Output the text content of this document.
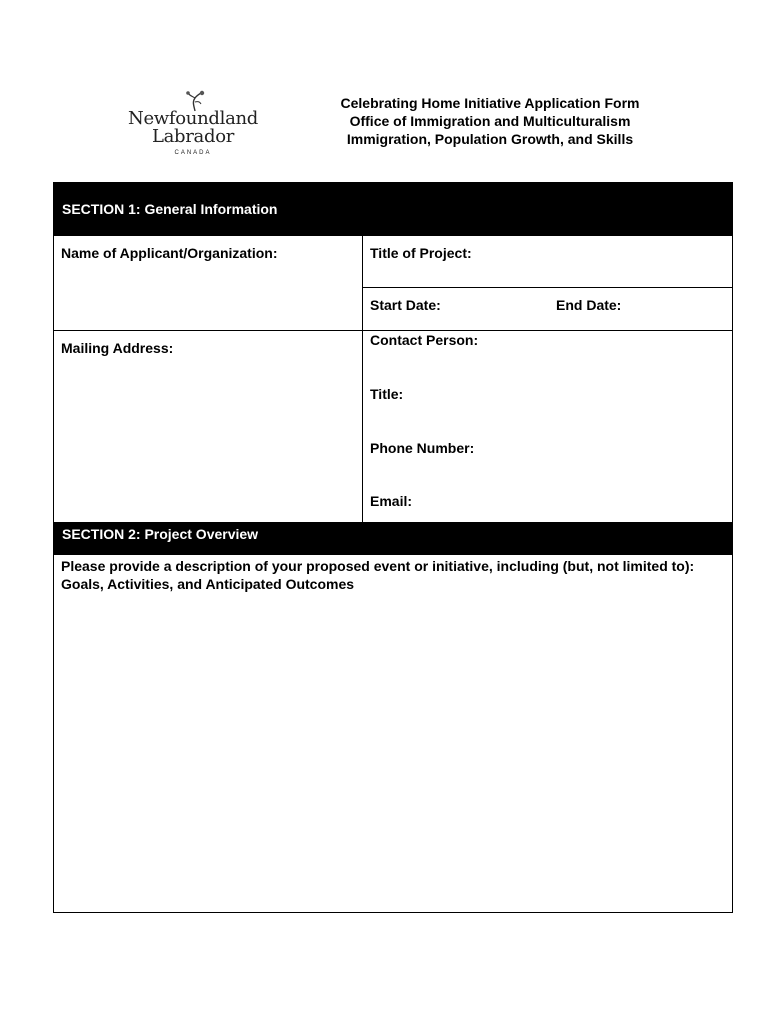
Newfoundland
Labrador
CANADA
Celebrating Home Initiative Application Form
Office of Immigration and Multiculturalism
Immigration, Population Growth, and Skills
SECTION 1: General Information
Name of Applicant/Organization:
Mailing Address:
Title of Project:
Start Date:	End Date:
Contact Person:
Title:
Phone Number:
Email:
SECTION 2: Project Overview
Please provide a description of your proposed event or initiative, including (but, not limited to): Goals, Activities, and Anticipated Outcomes
